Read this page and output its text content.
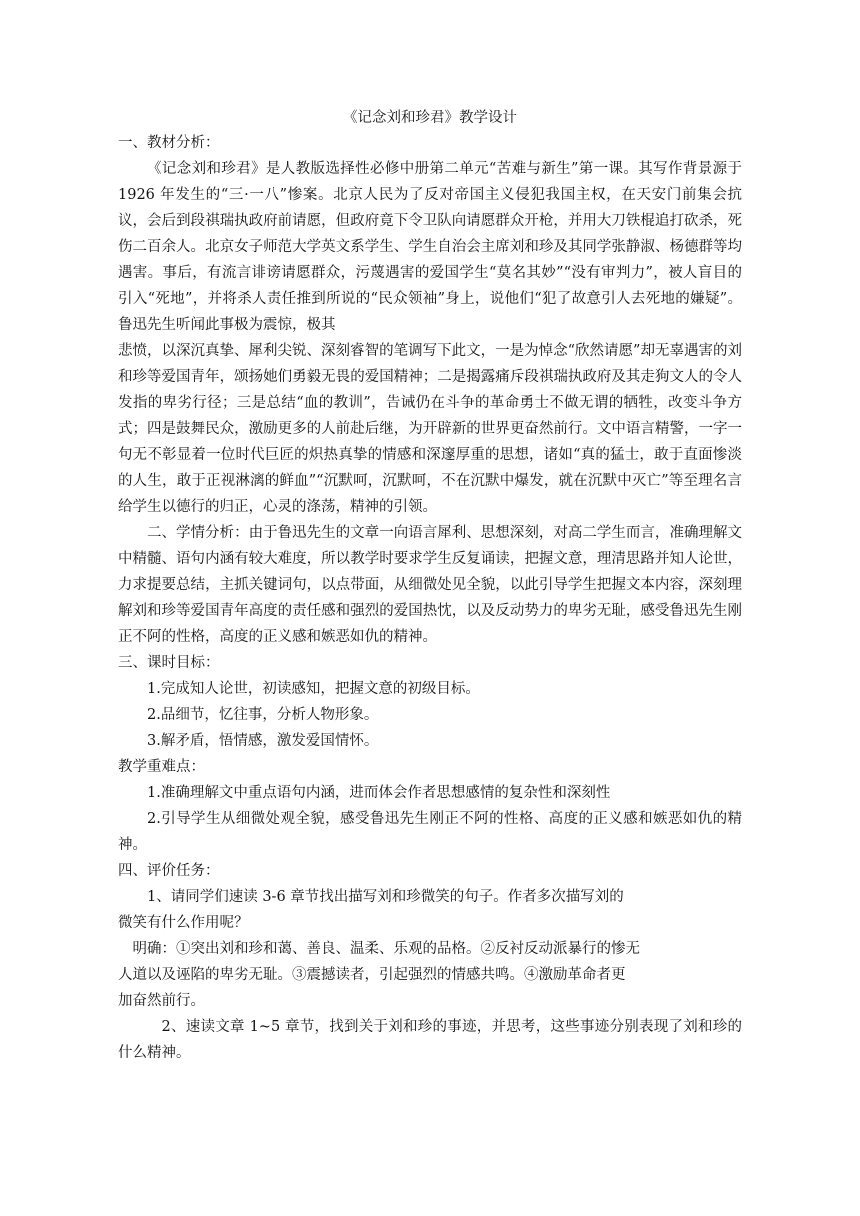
《记念刘和珍君》教学设计

一、教材分析：

《记念刘和珍君》是人教版选择性必修中册第二单元“苦难与新生”第一课。其写作背景源于 1926 年发生的“三·一八”惨案。北京人民为了反对帝国主义侵犯我国主权，在天安门前集会抗议，会后到段祺瑞执政府前请愿，但政府竟下令卫队向请愿群众开枪，并用大刀铁棍追打砍杀，死伤二百余人。北京女子师范大学英文系学生、学生自治会主席刘和珍及其同学张静淑、杨德群等均遇害。事后，有流言诽谤请愿群众，污蔑遇害的爱国学生“莫名其妙”“没有审判力”，被人盲目的引入“死地”，并将杀人责任推到所说的“民众领袖”身上，说他们“犯了故意引人去死地的嫌疑”。鲁迅先生听闻此事极为震惊，极其

悲愤，以深沉真挚、犀利尖锐、深刻睿智的笔调写下此文，一是为悼念“欣然请愿”却无辜遇害的刘和珍等爱国青年，颂扬她们勇毅无畏的爱国精神；二是揭露痛斥段祺瑞执政府及其走狗文人的令人发指的卑劣行径；三是总结“血的教训”，告诫仍在斗争的革命勇士不做无谓的牺牲，改变斗争方式；四是鼓舞民众，激励更多的人前赴后继，为开辟新的世界更奋然前行。文中语言精警，一字一句无不彰显着一位时代巨匠的炽热真挚的情感和深邃厚重的思想，诸如“真的猛士，敢于直面惨淡的人生，敢于正视淋漓的鲜血”“沉默呵，沉默呵，不在沉默中爆发，就在沉默中灭亡”等至理名言给学生以德行的归正，心灵的涤荡，精神的引领。

二、学情分析：由于鲁迅先生的文章一向语言犀利、思想深刻，对高二学生而言，准确理解文中精髓、语句内涵有较大难度，所以教学时要求学生反复诵读，把握文意，理清思路并知人论世，力求提要总结，主抓关键词句，以点带面，从细微处见全貌，以此引导学生把握文本内容，深刻理解刘和珍等爱国青年高度的责任感和强烈的爱国热忱，以及反动势力的卑劣无耻，感受鲁迅先生刚正不阿的性格，高度的正义感和嫉恶如仇的精神。

三、课时目标：

1.完成知人论世，初读感知，把握文意的初级目标。

2.品细节，忆往事，分析人物形象。

3.解矛盾，悟情感，激发爱国情怀。

教学重难点：

1.准确理解文中重点语句内涵，进而体会作者思想感情的复杂性和深刻性

2.引导学生从细微处观全貌，感受鲁迅先生刚正不阿的性格、高度的正义感和嫉恶如仇的精神。

四、评价任务：

1、请同学们速读 3-6 章节找出描写刘和珍微笑的句子。作者多次描写刘的

微笑有什么作用呢？

明确：①突出刘和珍和蔼、善良、温柔、乐观的品格。②反衬反动派暴行的惨无

人道以及诬陷的卑劣无耻。③震撼读者，引起强烈的情感共鸣。④激励革命者更

加奋然前行。

2、速读文章 1~5 章节，找到关于刘和珍的事迹，并思考，这些事迹分别表现了刘和珍的什么精神。
